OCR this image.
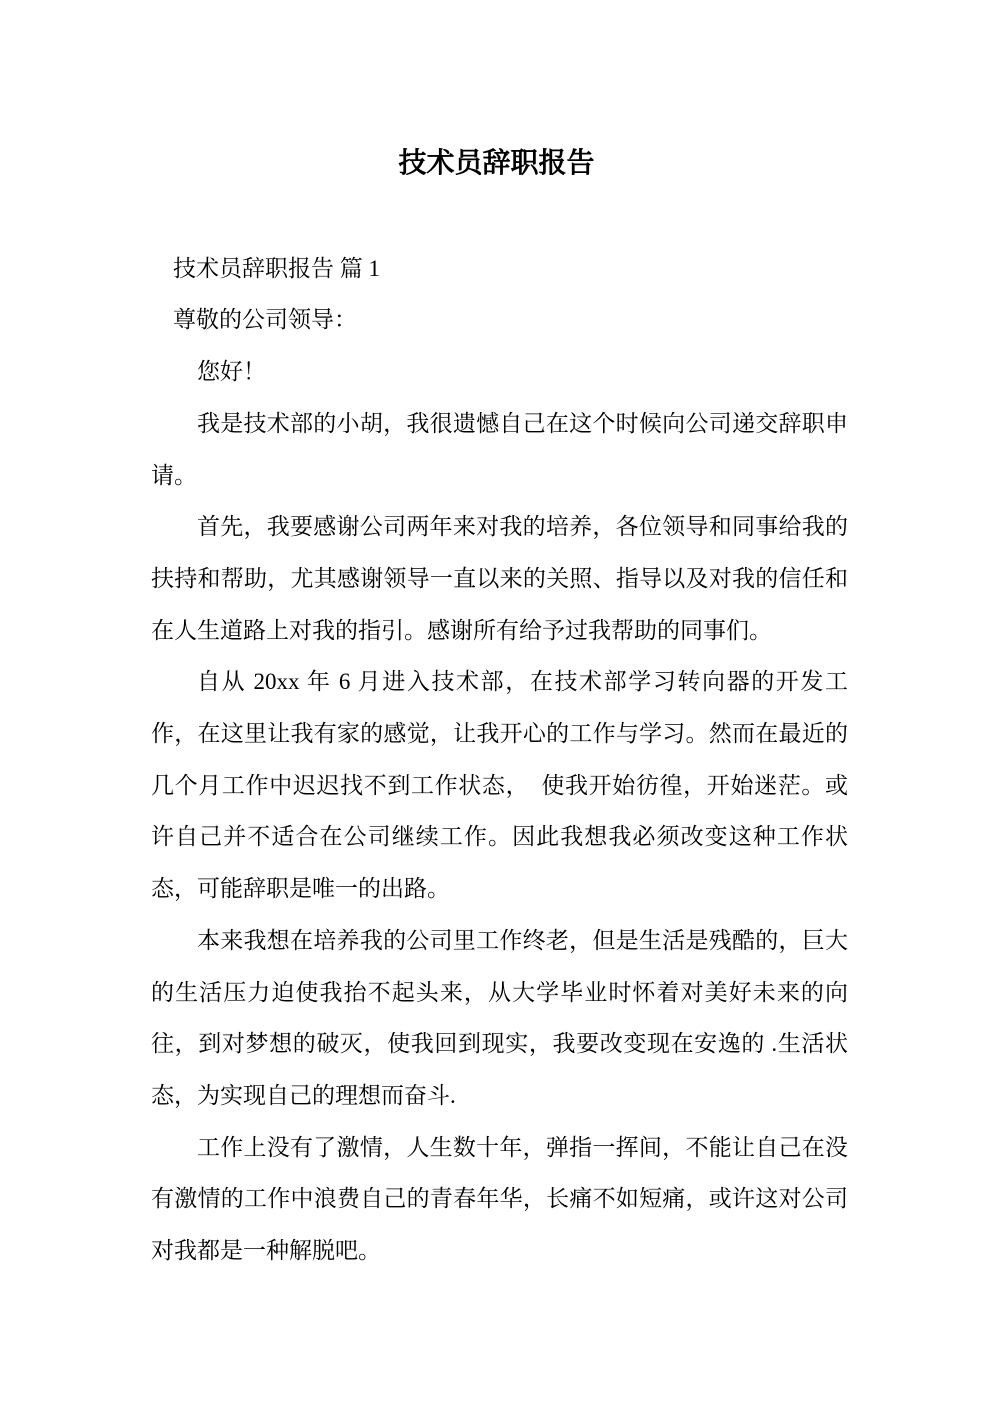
技术员辞职报告

技术员辞职报告 篇 1

尊敬的公司领导：

您好！

我是技术部的小胡，我很遗憾自己在这个时候向公司递交辞职申请。

首先，我要感谢公司两年来对我的培养，各位领导和同事给我的扶持和帮助，尤其感谢领导一直以来的关照、指导以及对我的信任和在人生道路上对我的指引。感谢所有给予过我帮助的同事们。

自从 20xx 年 6 月进入技术部，在技术部学习转向器的开发工作，在这里让我有家的感觉，让我开心的工作与学习。然而在最近的几个月工作中迟迟找不到工作状态，　使我开始彷徨，开始迷茫。或许自己并不适合在公司继续工作。因此我想我必须改变这种工作状态，可能辞职是唯一的出路。

本来我想在培养我的公司里工作终老，但是生活是残酷的，巨大的生活压力迫使我抬不起头来，从大学毕业时怀着对美好未来的向往，到对梦想的破灭，使我回到现实，我要改变现在安逸的 .生活状态，为实现自己的理想而奋斗.

工作上没有了激情，人生数十年，弹指一挥间，不能让自己在没有激情的工作中浪费自己的青春年华，长痛不如短痛，或许这对公司对我都是一种解脱吧。
